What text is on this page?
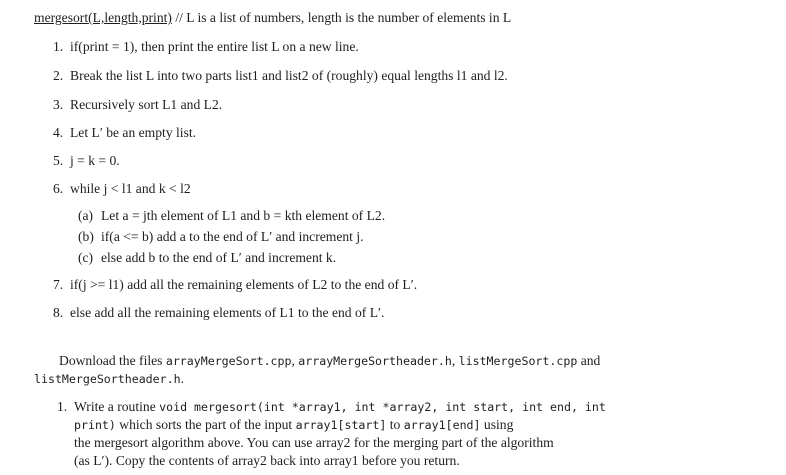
mergesort(L,length,print) // L is a list of numbers, length is the number of elements in L
1. if(print = 1), then print the entire list L on a new line.
2. Break the list L into two parts list1 and list2 of (roughly) equal lengths l1 and l2.
3. Recursively sort L1 and L2.
4. Let L′ be an empty list.
5. j = k = 0.
6. while j < l1 and k < l2
(a) Let a = jth element of L1 and b = kth element of L2.
(b) if(a <= b) add a to the end of L′ and increment j.
(c) else add b to the end of L′ and increment k.
7. if(j >= l1) add all the remaining elements of L2 to the end of L′.
8. else add all the remaining elements of L1 to the end of L′.
Download the files arrayMergeSort.cpp, arrayMergeSortheader.h, listMergeSort.cpp and
listMergeSortheader.h.
1. Write a routine void mergesort(int *array1, int *array2, int start, int end, int
print) which sorts the part of the input array1[start] to array1[end] using
the mergesort algorithm above. You can use array2 for the merging part of the algorithm
(as L′). Copy the contents of array2 back into array1 before you return.
